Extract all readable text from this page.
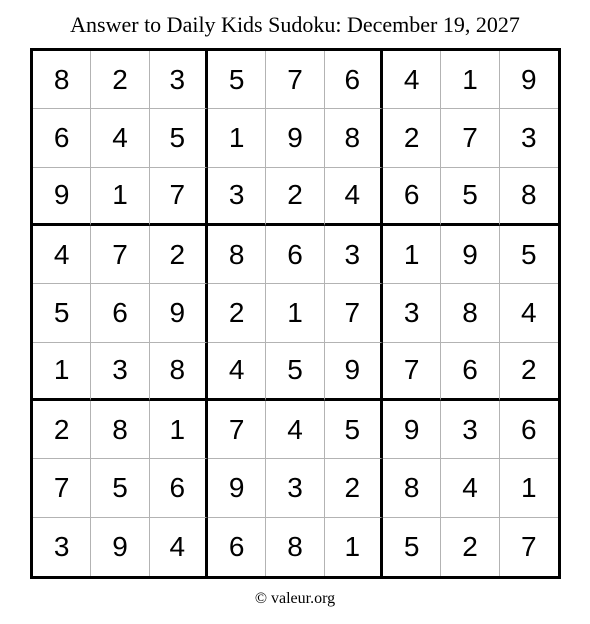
Answer to Daily Kids Sudoku: December 19, 2027
8	2	3	5	7	6	4	1	9
6	4	5	1	9	8	2	7	3
9	1	7	3	2	4	6	5	8
4	7	2	8	6	3	1	9	5
5	6	9	2	1	7	3	8	4
1	3	8	4	5	9	7	6	2
2	8	1	7	4	5	9	3	6
7	5	6	9	3	2	8	4	1
3	9	4	6	8	1	5	2	7
© valeur.org
